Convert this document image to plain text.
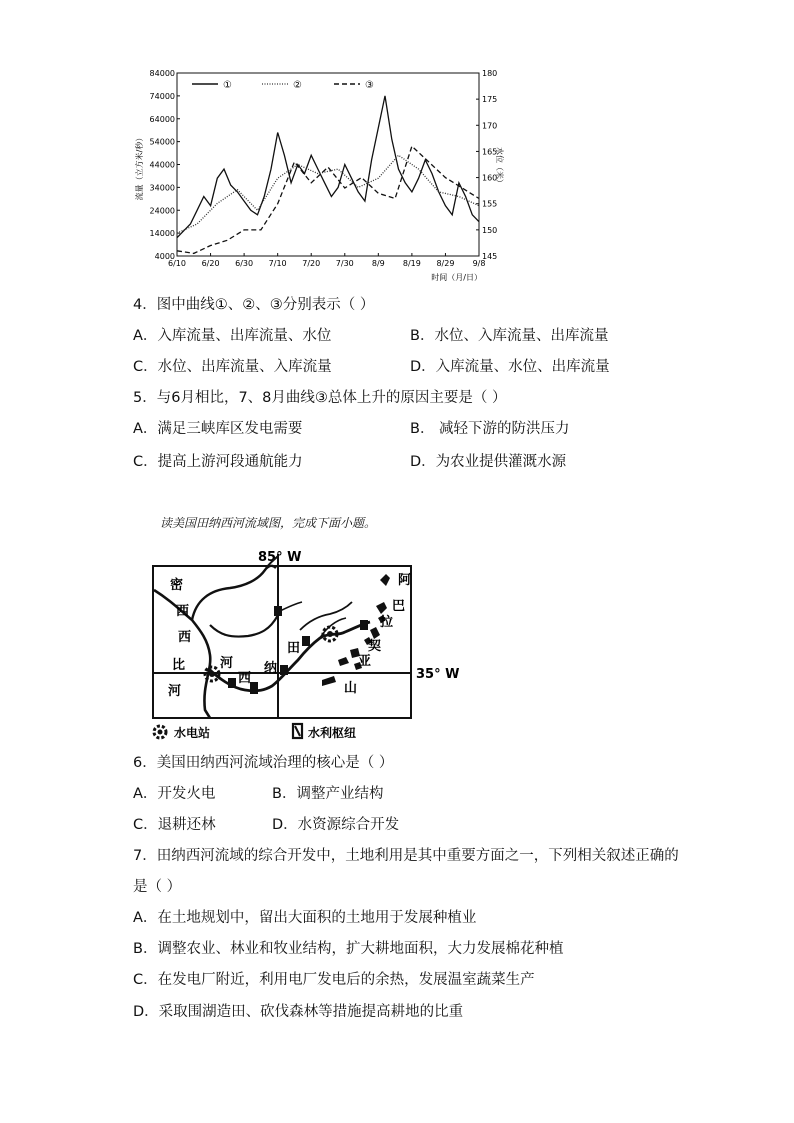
84000
74000
64000
54000
44000
34000
24000
14000
4000
180
175
170
165
160
155
150
145
6/10 6/20 6/30 7/10 7/20 7/30 8/9 8/19 8/29 9/8
①	②	③
流量（立方米/秒）	水位（米）
时间（月/日）
4．图中曲线①、②、③分别表示（ ）
A．入库流量、出库流量、水位	B．水位、入库流量、出库流量
C．水位、出库流量、入库流量	D．入库流量、水位、出库流量
5．与6月相比，7、8月曲线③总体上升的原因主要是（ ）
A．满足三峡库区发电需要	B． 减轻下游的防洪压力
C．提高上游河段通航能力	D．为农业提供灌溉水源
读美国田纳西河流域图，完成下面小题。
85° W
35° W
密
西
西
比
河
田
纳
西
河
阿
巴
拉
契
亚
山
水电站	水利枢纽
6．美国田纳西河流域治理的核心是（ ）
A．开发火电	B．调整产业结构
C．退耕还林	D．水资源综合开发
7．田纳西河流域的综合开发中，土地利用是其中重要方面之一，下列相关叙述正确的
是（ ）
A．在土地规划中，留出大面积的土地用于发展种植业
B．调整农业、林业和牧业结构，扩大耕地面积，大力发展棉花种植
C．在发电厂附近，利用电厂发电后的余热，发展温室蔬菜生产
D．采取围湖造田、砍伐森林等措施提高耕地的比重
